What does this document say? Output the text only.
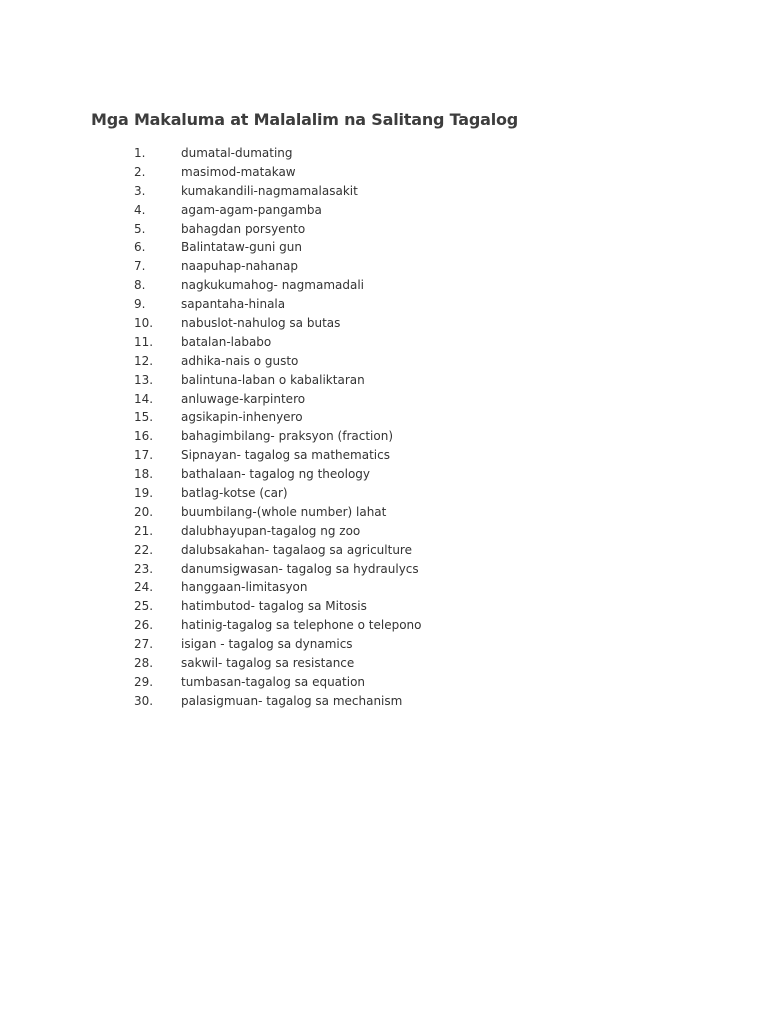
Mga Makaluma at Malalalim na Salitang Tagalog
1.	dumatal-dumating
2.	masimod-matakaw
3.	kumakandili-nagmamalasakit
4.	agam-agam-pangamba
5.	bahagdan porsyento
6.	Balintataw-guni gun
7.	naapuhap-nahanap
8.	nagkukumahog- nagmamadali
9.	sapantaha-hinala
10. nabuslot-nahulog sa butas
11. batalan-lababo
12. adhika-nais o gusto
13. balintuna-laban o kabaliktaran
14. anluwage-karpintero
15. agsikapin-inhenyero
16. bahagimbilang- praksyon (fraction)
17. Sipnayan- tagalog sa mathematics
18. bathalaan- tagalog ng theology
19. batlag-kotse (car)
20. buumbilang-(whole number) lahat
21. dalubhayupan-tagalog ng zoo
22. dalubsakahan- tagalaog sa agriculture
23. danumsigwasan- tagalog sa hydraulycs
24. hanggaan-limitasyon
25. hatimbutod- tagalog sa Mitosis
26. hatinig-tagalog sa telephone o telepono
27. isigan - tagalog sa dynamics
28. sakwil- tagalog sa resistance
29. tumbasan-tagalog sa equation
30. palasigmuan- tagalog sa mechanism
